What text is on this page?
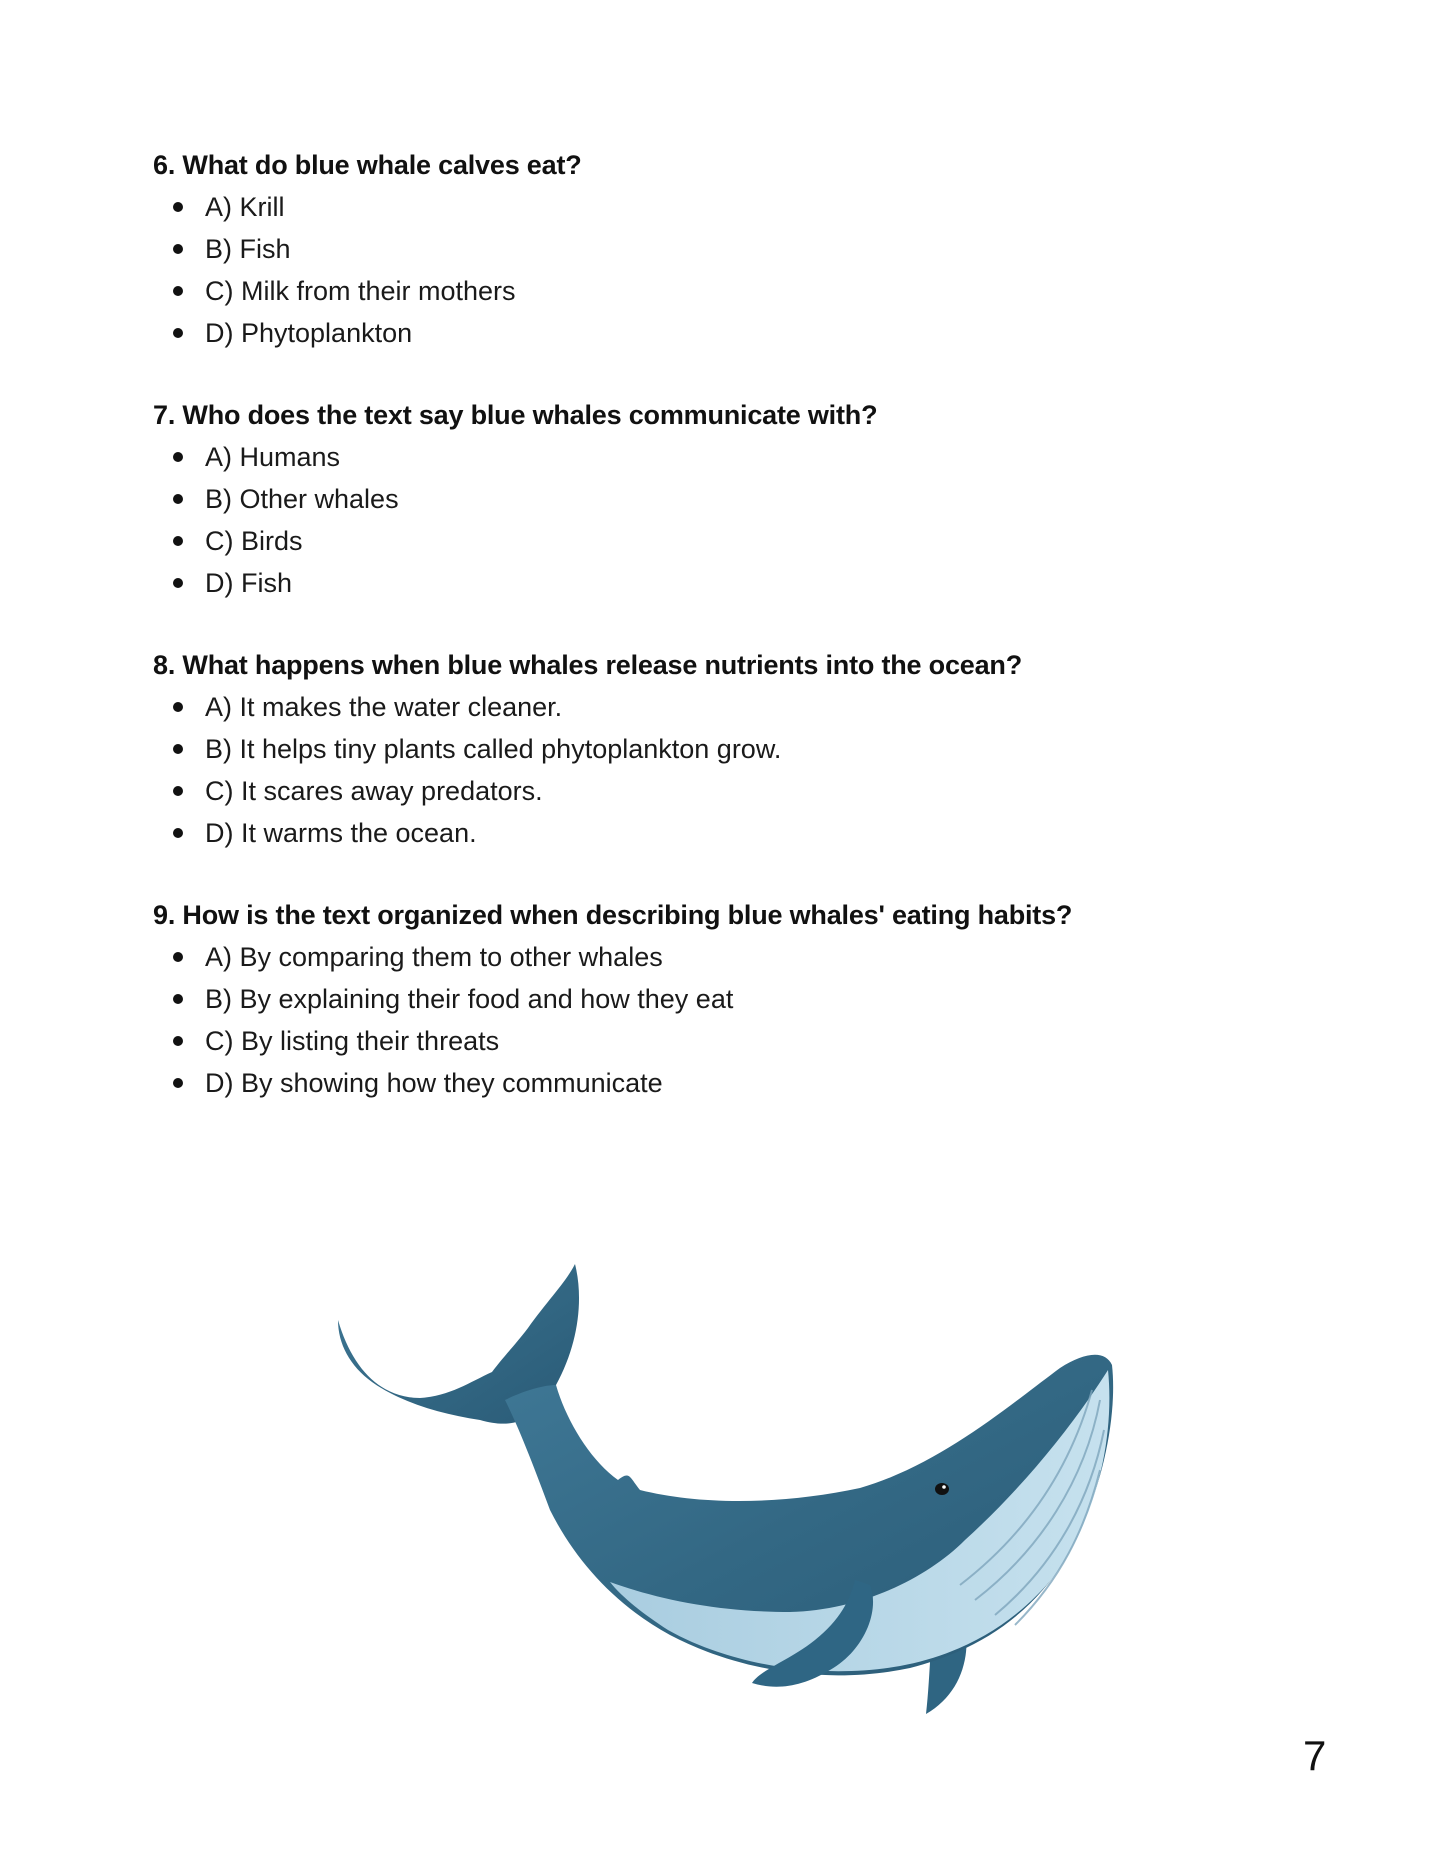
6. What do blue whale calves eat?

A) Krill
B) Fish
C) Milk from their mothers
D) Phytoplankton

7. Who does the text say blue whales communicate with?

A) Humans
B) Other whales
C) Birds
D) Fish

8. What happens when blue whales release nutrients into the ocean?

A) It makes the water cleaner.
B) It helps tiny plants called phytoplankton grow.
C) It scares away predators.
D) It warms the ocean.

9. How is the text organized when describing blue whales' eating habits?

A) By comparing them to other whales
B) By explaining their food and how they eat
C) By listing their threats
D) By showing how they communicate
7
